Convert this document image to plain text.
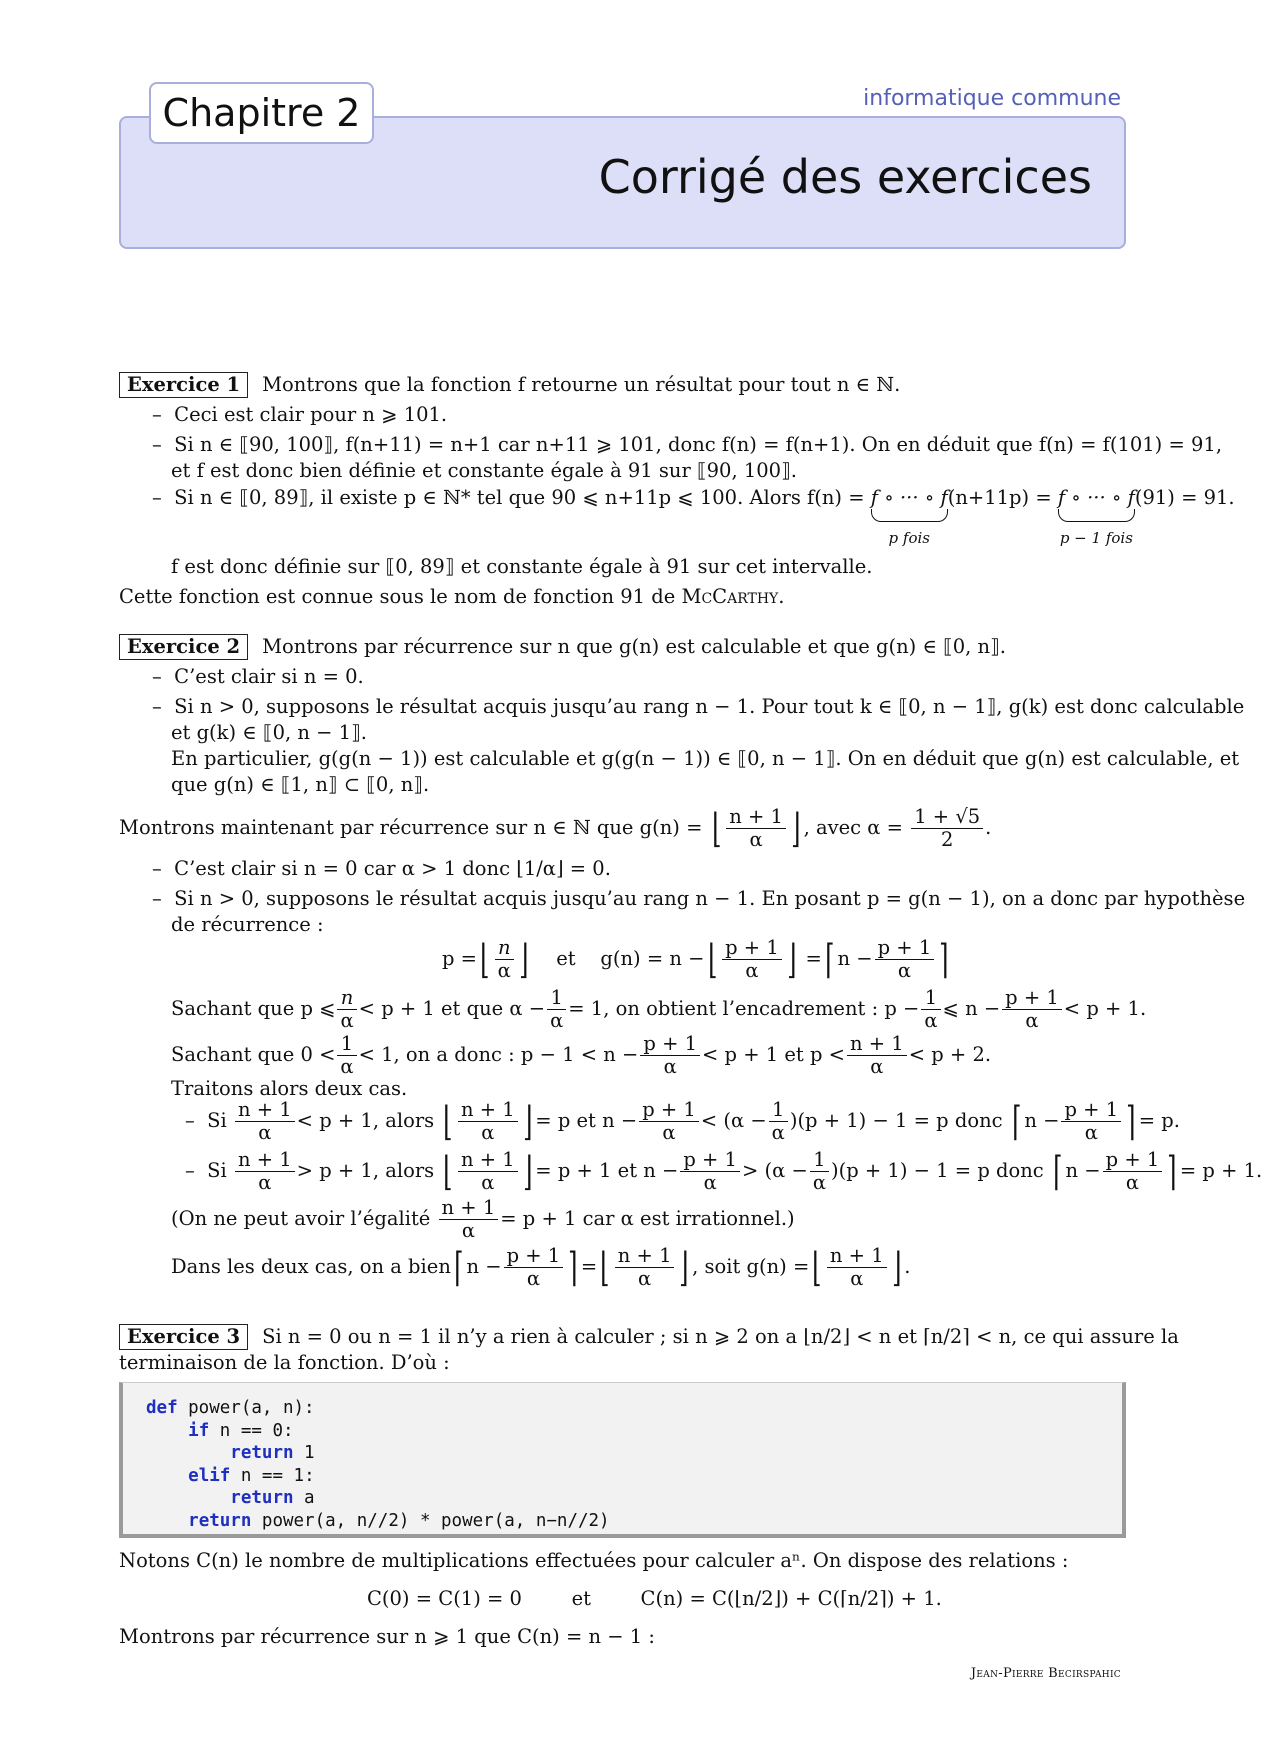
Chapitre 2	informatique commune
Corrigé des exercices
Exercice 1 Montrons que la fonction f retourne un résultat pour tout n ∈ ℕ.
–  Ceci est clair pour n ⩾ 101.
–  Si n ∈ ⟦90, 100⟧, f(n+11) = n+1 car n+11 ⩾ 101, donc f(n) = f(n+1). On en déduit que f(n) = f(101) = 91,
et f est donc bien définie et constante égale à 91 sur ⟦90, 100⟧.
–  Si n ∈ ⟦0, 89⟧, il existe p ∈ ℕ* tel que 90 ⩽ n+11p ⩽ 100. Alors f(n) = f ∘ ··· ∘ f
p fois
(n+11p) = f ∘ ··· ∘ f
p − 1 fois
(91) = 91.
f est donc définie sur ⟦0, 89⟧ et constante égale à 91 sur cet intervalle.
Cette fonction est connue sous le nom de fonction 91 de McCarthy.
Exercice 2 Montrons par récurrence sur n que g(n) est calculable et que g(n) ∈ ⟦0, n⟧.
–  C’est clair si n = 0.
–  Si n > 0, supposons le résultat acquis jusqu’au rang n − 1. Pour tout k ∈ ⟦0, n − 1⟧, g(k) est donc calculable
et g(k) ∈ ⟦0, n − 1⟧.
En particulier, g(g(n − 1)) est calculable et g(g(n − 1)) ∈ ⟦0, n − 1⟧. On en déduit que g(n) est calculable, et
que g(n) ∈ ⟦1, n⟧ ⊂ ⟦0, n⟧.
Montrons maintenant par récurrence sur n ∈ ℕ que g(n) = ⌊ $\frac{n + 1}{\alpha}$ ⌋ , avec $\alpha = \frac{1 + √5}{2}$ .
–  C’est clair si n = 0 car α > 1 donc ⌊1/α⌋ = 0.
–  Si n > 0, supposons le résultat acquis jusqu’au rang n − 1. En posant p = g(n − 1), on a donc par hypothèse
de récurrence :
p =⌊ $\frac{n}{\alpha}$ ⌋ et g(n) = n −⌊ $\frac{p + 1}{\alpha}$ ⌋ =⌈ $n - \frac{p + 1}{\alpha}$ ⌉
Sachant que p ⩽ $\frac{n}{\alpha} < p + 1$ et que $\alpha - \frac{1}{\alpha} = 1$, on obtient l’encadrement : $p - \frac{1}{\alpha}$ ⩽ $n - \frac{p + 1}{\alpha} < p + 1$.
Sachant que $0 < \frac{1}{\alpha} < 1$, on a donc : $p - 1 < n - \frac{p + 1}{\alpha} < p + 1$ et $p < \frac{n + 1}{\alpha} < p + 2$.
Traitons alors deux cas.
–  Si $\frac{n + 1}{\alpha} < p + 1$, alors ⌊ $\frac{n + 1}{\alpha}$ ⌋ = p et $n - \frac{p + 1}{\alpha} < (\alpha - \frac{1}{\alpha} )(p + 1) - 1 = p$ donc ⌈ $n - \frac{p + 1}{\alpha}$ ⌉ = p.
–  Si $\frac{n + 1}{\alpha} > p + 1$, alors ⌊ $\frac{n + 1}{\alpha}$ ⌋ = p + 1 et $n - \frac{p + 1}{\alpha} > (\alpha - \frac{1}{\alpha} )(p + 1) - 1 = p$ donc ⌈ $n - \frac{p + 1}{\alpha}$ ⌉ = p + 1.
(On ne peut avoir l’égalité $\frac{n + 1}{\alpha} = p + 1$ car α est irrationnel.)
Dans les deux cas, on a bien⌈ $n - \frac{p + 1}{\alpha}$ ⌉ =⌊ $\frac{n + 1}{\alpha}$ ⌋ , soit g(n) =⌊ $\frac{n + 1}{\alpha}$ ⌋ .
Exercice 3 Si n = 0 ou n = 1 il n’y a rien à calculer ; si n ⩾ 2 on a ⌊n/2⌋ < n et ⌈n/2⌉ < n, ce qui assure la
terminaison de la fonction. D’où :
def power(a, n):
if n == 0:
return 1
elif n == 1:
return a
return power(a, n//2) * power(a, n−n//2)
Notons C(n) le nombre de multiplications effectuées pour calculer aⁿ. On dispose des relations :
C(0) = C(1) = 0	et	C(n) = C(⌊n/2⌋) + C(⌈n/2⌉) + 1.
Montrons par récurrence sur n ⩾ 1 que C(n) = n − 1 :
Jean-Pierre Becirspahic
